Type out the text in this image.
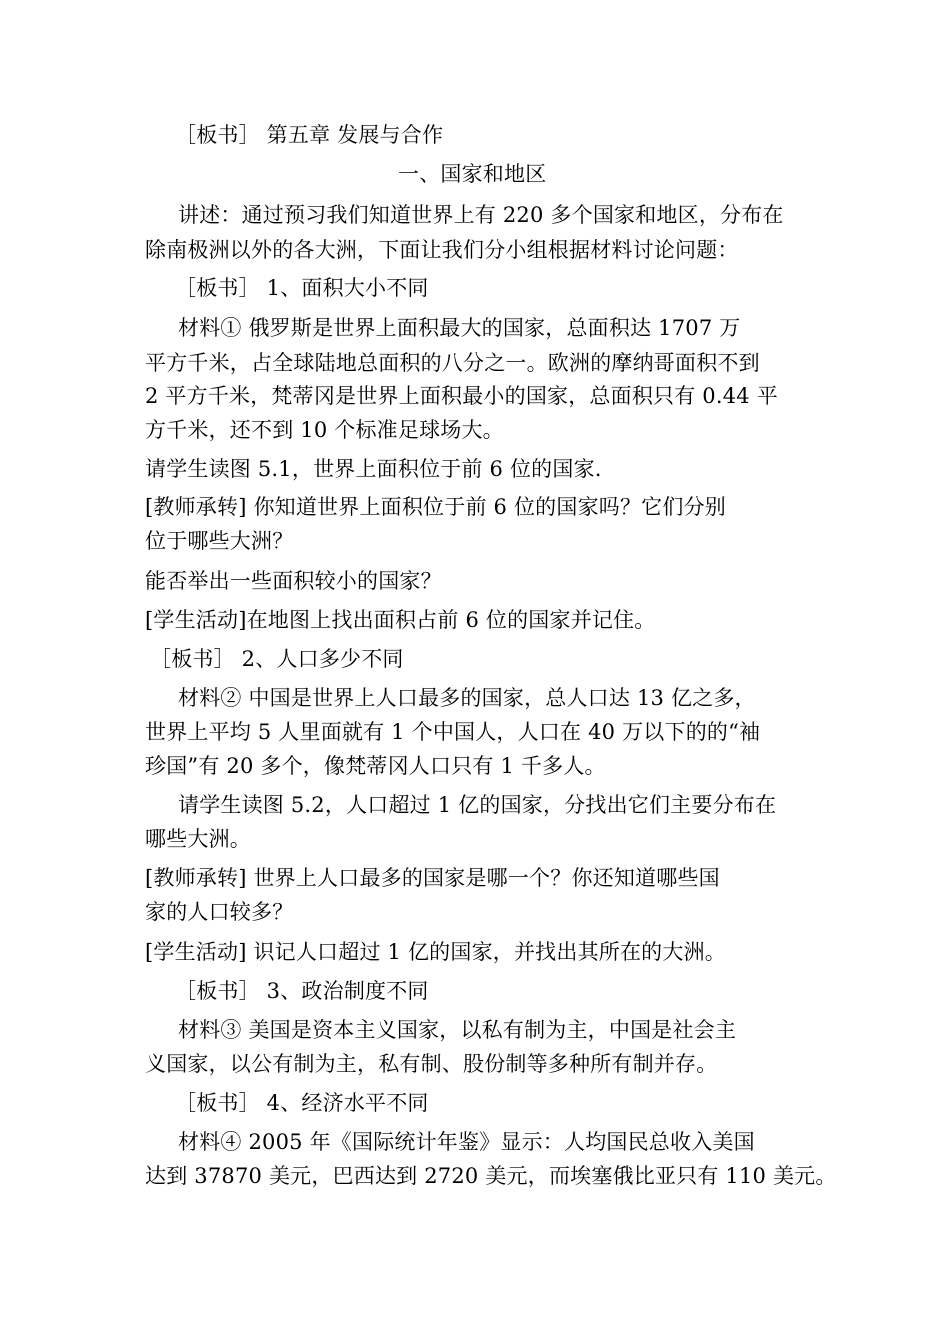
［板书］ 第五章 发展与合作
一、国家和地区
讲述：通过预习我们知道世界上有 220 多个国家和地区，分布在
除南极洲以外的各大洲，下面让我们分小组根据材料讨论问题：
［板书］ 1、面积大小不同
材料① 俄罗斯是世界上面积最大的国家，总面积达 1707 万
平方千米，占全球陆地总面积的八分之一。欧洲的摩纳哥面积不到
2 平方千米，梵蒂冈是世界上面积最小的国家，总面积只有 0.44 平
方千米，还不到 10 个标准足球场大。
请学生读图 5.1，世界上面积位于前 6 位的国家.
[教师承转] 你知道世界上面积位于前 6 位的国家吗？它们分别
位于哪些大洲？
能否举出一些面积较小的国家？
[学生活动]在地图上找出面积占前 6 位的国家并记住。
［板书］ 2、人口多少不同
材料② 中国是世界上人口最多的国家，总人口达 13 亿之多，
世界上平均 5 人里面就有 1 个中国人，人口在 40 万以下的的“袖
珍国”有 20 多个，像梵蒂冈人口只有 1 千多人。
请学生读图 5.2，人口超过 1 亿的国家，分找出它们主要分布在
哪些大洲。
[教师承转] 世界上人口最多的国家是哪一个？你还知道哪些国
家的人口较多？
[学生活动] 识记人口超过 1 亿的国家，并找出其所在的大洲。
［板书］ 3、政治制度不同
材料③ 美国是资本主义国家，以私有制为主，中国是社会主
义国家，以公有制为主，私有制、股份制等多种所有制并存。
［板书］ 4、经济水平不同
材料④ 2005 年《国际统计年鉴》显示：人均国民总收入美国
达到 37870 美元，巴西达到 2720 美元，而埃塞俄比亚只有 110 美元。
